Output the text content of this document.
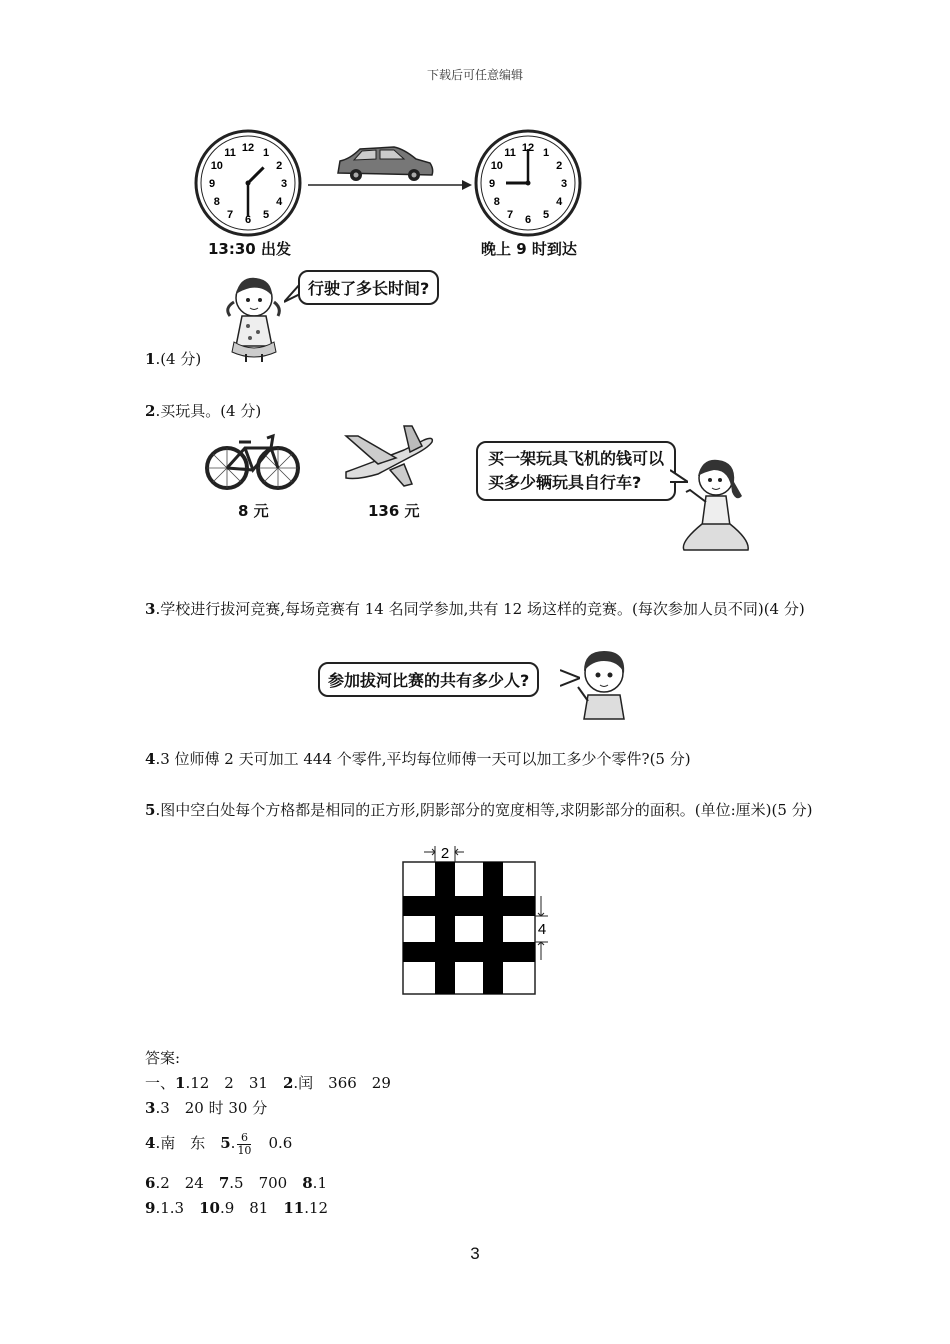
下载后可任意编辑
12 1
2
3
4
5
6
7
8
9
10
11	12 1
2
3
4
5
6
7
8
9
10
11
13:30 出发	晚上 9 时到达
行驶了多长时间?
1.(4 分)
2.买玩具。(4 分)
8 元	136 元
买一架玩具飞机的钱可以
买多少辆玩具自行车?
3.学校进行拔河竞赛,每场竞赛有 14 名同学参加,共有 12 场这样的竞赛。(每次参加人员不同)(4 分)
参加拔河比赛的共有多少人?
4.3 位师傅 2 天可加工 444 个零件,平均每位师傅一天可以加工多少个零件?(5 分)
5.图中空白处每个方格都是相同的正方形,阴影部分的宽度相等,求阴影部分的面积。(单位:厘米)(5 分)
2
4
答案:
一、1.12　2　31　2.闰　366　29
3.3　20 时 30 分
4.南　东　5. $\frac{6}{10}$ 　0.6
6.2　24　7.5　700　8.1
9.1.3　10.9　81　11.12
3
